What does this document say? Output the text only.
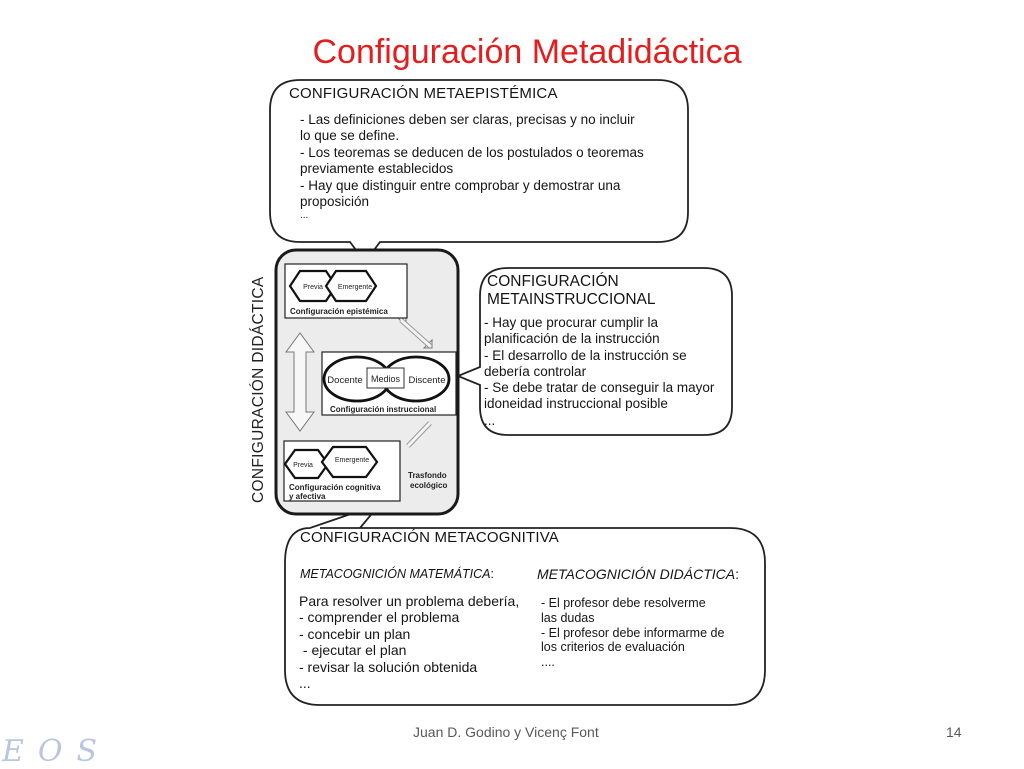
Configuración Metadidáctica
CONFIGURACIÓN DIDÁCTICA	Previa Emergente
Configuración epistémica
Docente Medios Discente
Configuración instruccional
Previa
Emergente
Configuración cognitiva
y afectiva
Trasfondo
ecológico
CONFIGURACIÓN METAEPISTÉMICA
- Las definiciones deben ser claras, precisas y no incluir
lo que se define.
- Los teoremas se deducen de los postulados o teoremas
previamente establecidos
- Hay que distinguir entre comprobar y demostrar una
proposición
...
CONFIGURACIÓN
METAINSTRUCCIONAL
- Hay que procurar cumplir la
planificación de la instrucción
- El desarrollo de la instrucción se
debería controlar
- Se debe tratar de conseguir la mayor
idoneidad instruccional posible
...
CONFIGURACIÓN METACOGNITIVA
METACOGNICIÓN MATEMÁTICA:	METACOGNICIÓN DIDÁCTICA:
Para resolver un problema debería,
- comprender el problema
- concebir un plan
- ejecutar el plan
- revisar la solución obtenida
...
- El profesor debe resolverme
las dudas
- El profesor debe informarme de
los criterios de evaluación
....
Juan D. Godino y Vicenç Font	14
EOS
